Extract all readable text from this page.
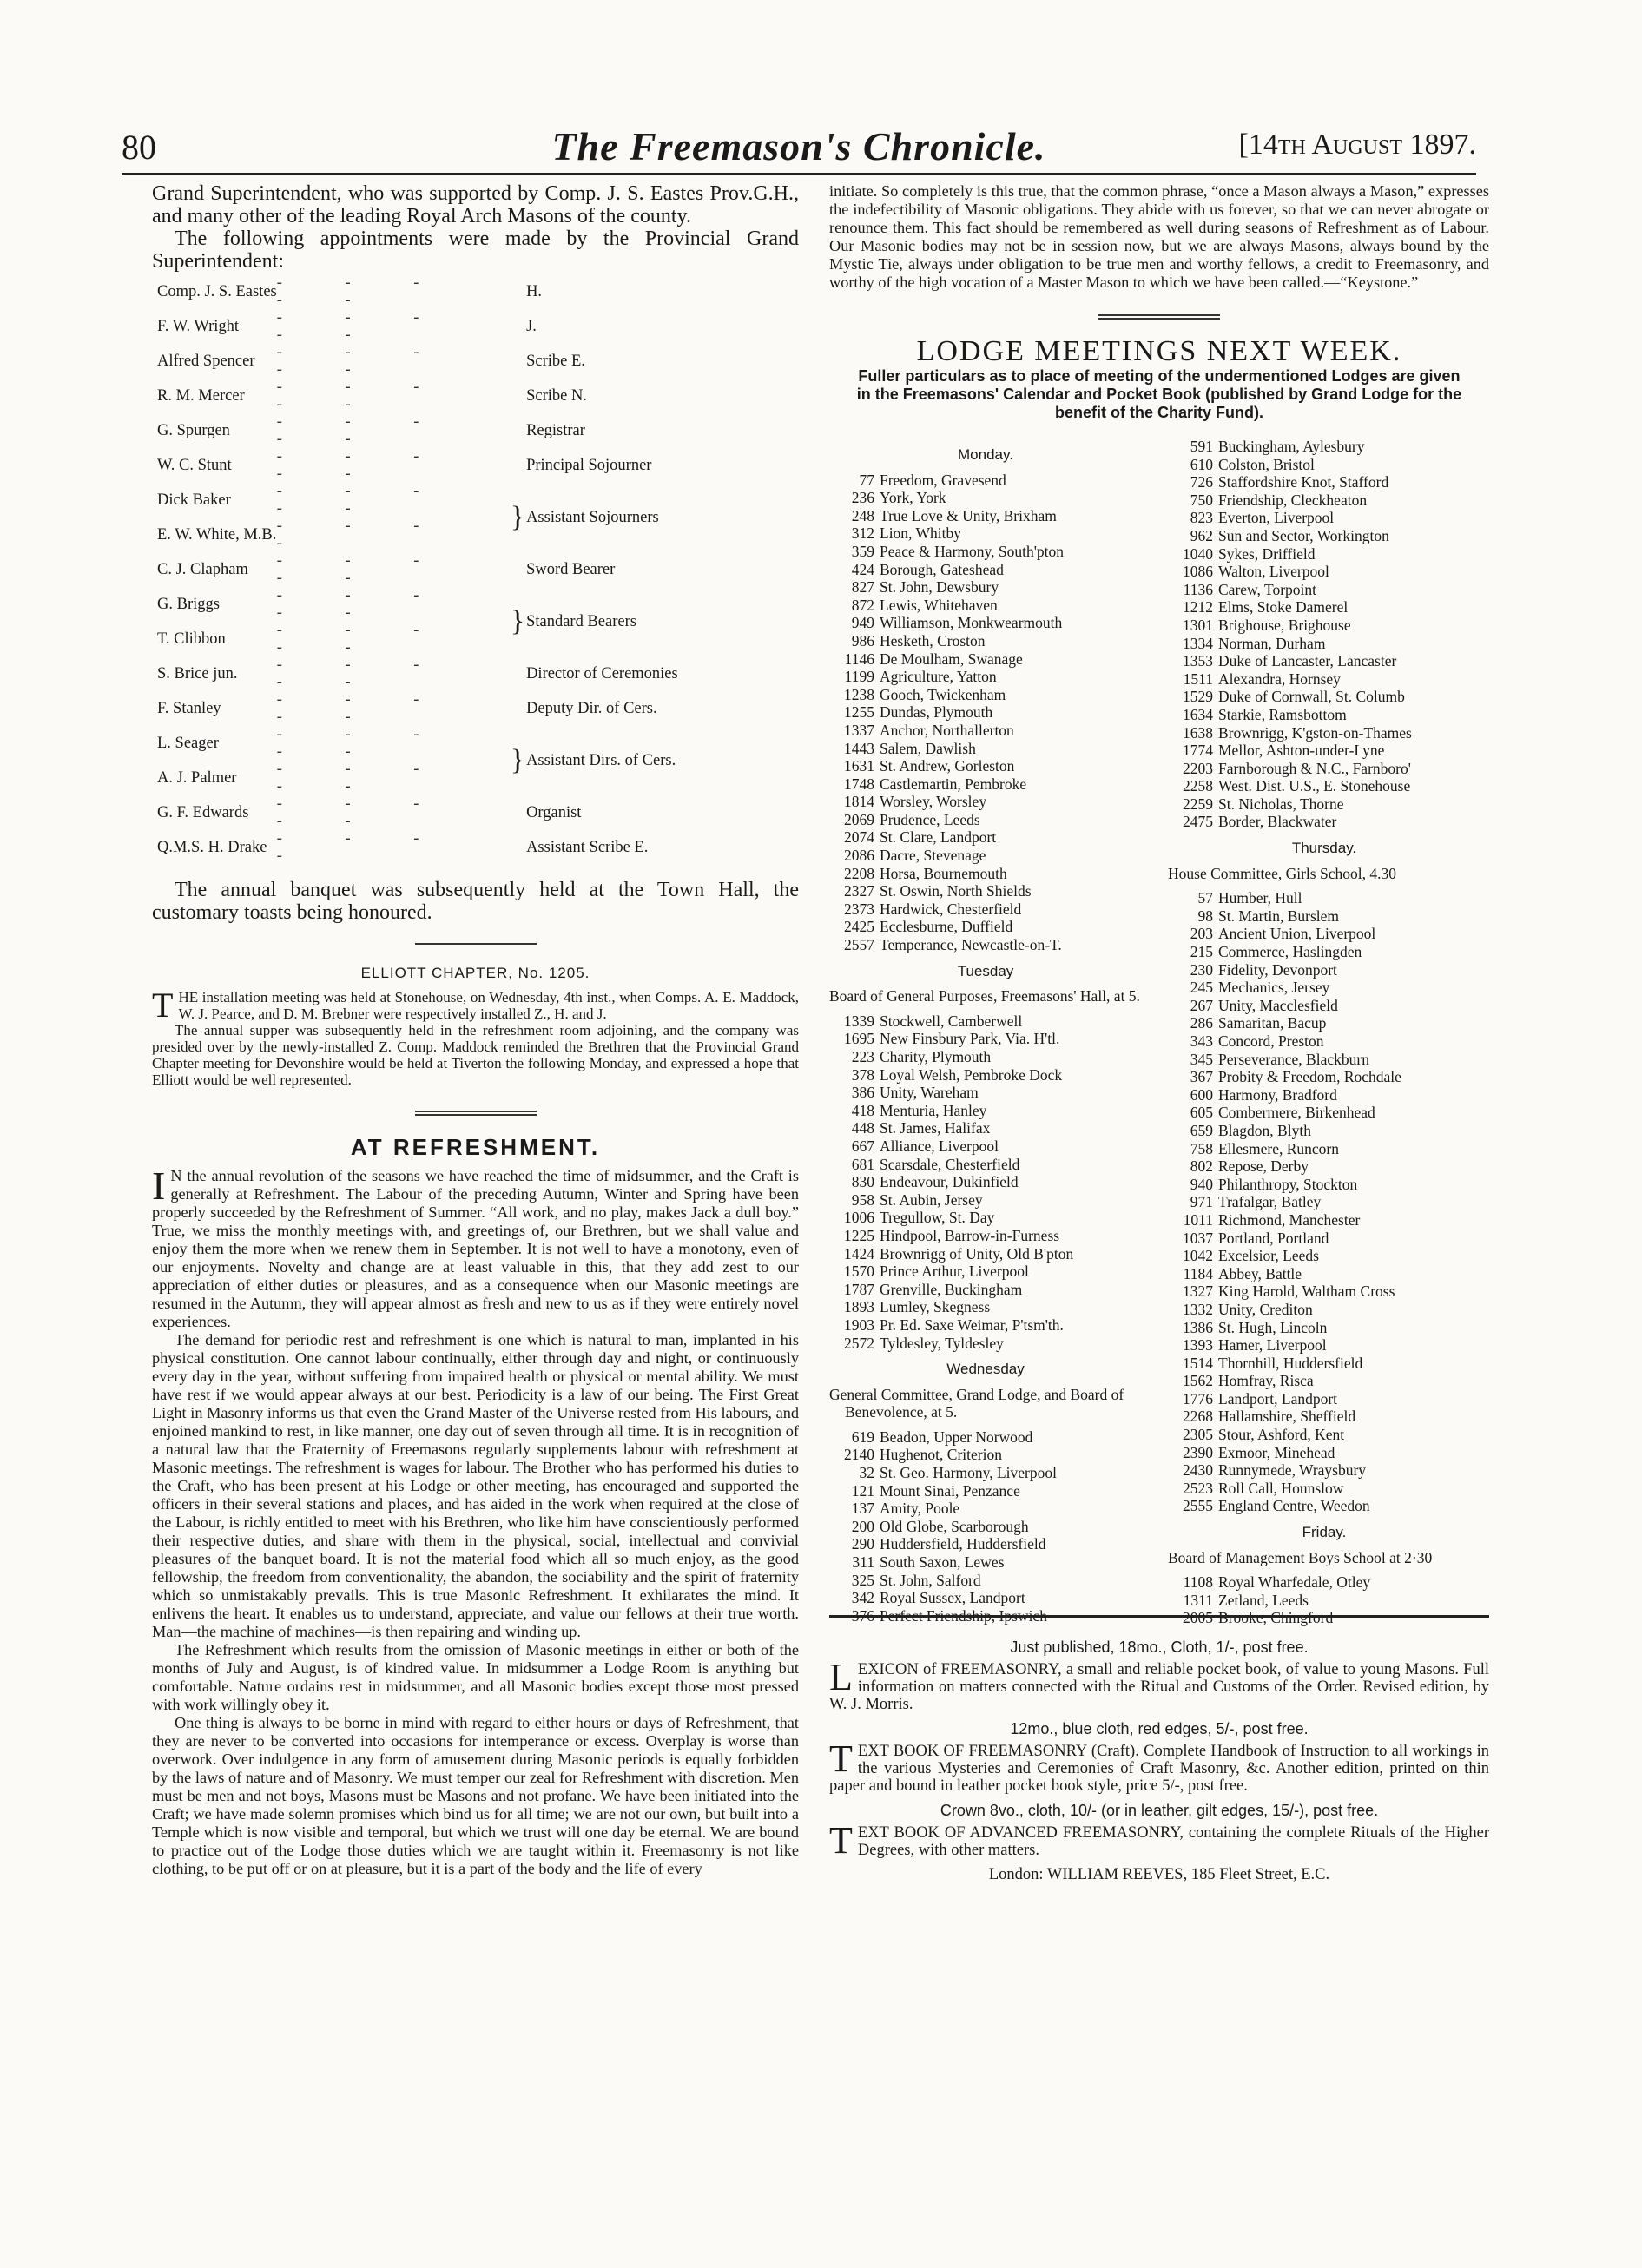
80	The Freemason's Chronicle.	[14th August 1897.

Grand Superintendent, who was supported by Comp. J. S. Eastes Prov.G.H., and many other of the leading Royal Arch Masons of the county.

The following appointments were made by the Provincial Grand Superintendent:

Comp. J. S. Eastes	- - - - -		H.
F. W. Wright	- - - - -		J.
Alfred Spencer	- - - - -		Scribe E.
R. M. Mercer	- - - - -		Scribe N.
G. Spurgen	- - - - -		Registrar
W. C. Stunt	- - - - -		Principal Sojourner
Dick Baker	- - - - -	}	Assistant Sojourners
E. W. White, M.B.	- - - -		
C. J. Clapham	- - - - -		Sword Bearer
G. Briggs	- - - - -	}	Standard Bearers
T. Clibbon	- - - - -		
S. Brice jun.	- - - - -		Director of Ceremonies
F. Stanley	- - - - -		Deputy Dir. of Cers.
L. Seager	- - - - -	}	Assistant Dirs. of Cers.
A. J. Palmer	- - - - -		
G. F. Edwards	- - - - -		Organist
Q.M.S. H. Drake	- - - -		Assistant Scribe E.

The annual banquet was subsequently held at the Town Hall, the customary toasts being honoured.

ELLIOTT CHAPTER, No. 1205.

THE installation meeting was held at Stonehouse, on Wednesday, 4th inst., when Comps. A. E. Maddock, W. J. Pearce, and D. M. Brebner were respectively installed Z., H. and J.

The annual supper was subsequently held in the refreshment room adjoining, and the company was presided over by the newly-installed Z. Comp. Maddock reminded the Brethren that the Provincial Grand Chapter meeting for Devonshire would be held at Tiverton the following Monday, and expressed a hope that Elliott would be well represented.

AT REFRESHMENT.

I N the annual revolution of the seasons we have reached the time of midsummer, and the Craft is generally at Refreshment. The Labour of the preceding Autumn, Winter and Spring have been properly succeeded by the Refreshment of Summer. “All work, and no play, makes Jack a dull boy.” True, we miss the monthly meetings with, and greetings of, our Brethren, but we shall value and enjoy them the more when we renew them in September. It is not well to have a monotony, even of our enjoyments. Novelty and change are at least valuable in this, that they add zest to our appreciation of either duties or pleasures, and as a consequence when our Masonic meetings are resumed in the Autumn, they will appear almost as fresh and new to us as if they were entirely novel experiences.

The demand for periodic rest and refreshment is one which is natural to man, implanted in his physical constitution. One cannot labour continually, either through day and night, or continuously every day in the year, without suffering from impaired health or physical or mental ability. We must have rest if we would appear always at our best. Periodicity is a law of our being. The First Great Light in Masonry informs us that even the Grand Master of the Universe rested from His labours, and enjoined mankind to rest, in like manner, one day out of seven through all time. It is in recognition of a natural law that the Fraternity of Freemasons regularly supplements labour with refreshment at Masonic meetings. The refreshment is wages for labour. The Brother who has performed his duties to the Craft, who has been present at his Lodge or other meeting, has encouraged and supported the officers in their several stations and places, and has aided in the work when required at the close of the Labour, is richly entitled to meet with his Brethren, who like him have conscientiously performed their respective duties, and share with them in the physical, social, intellectual and convivial pleasures of the banquet board. It is not the material food which all so much enjoy, as the good fellowship, the freedom from conventionality, the abandon, the sociability and the spirit of fraternity which so unmistakably prevails. This is true Masonic Refreshment. It exhilarates the mind. It enlivens the heart. It enables us to understand, appreciate, and value our fellows at their true worth. Man—the machine of machines—is then repairing and winding up.

The Refreshment which results from the omission of Masonic meetings in either or both of the months of July and August, is of kindred value. In midsummer a Lodge Room is anything but comfortable. Nature ordains rest in midsummer, and all Masonic bodies except those most pressed with work willingly obey it.

One thing is always to be borne in mind with regard to either hours or days of Refreshment, that they are never to be converted into occasions for intemperance or excess. Overplay is worse than overwork. Over indulgence in any form of amusement during Masonic periods is equally forbidden by the laws of nature and of Masonry. We must temper our zeal for Refreshment with discretion. Men must be men and not boys, Masons must be Masons and not profane. We have been initiated into the Craft; we have made solemn promises which bind us for all time; we are not our own, but built into a Temple which is now visible and temporal, but which we trust will one day be eternal. We are bound to practice out of the Lodge those duties which we are taught within it. Freemasonry is not like clothing, to be put off or on at pleasure, but it is a part of the body and the life of every

initiate. So completely is this true, that the common phrase, “once a Mason always a Mason,” expresses the indefectibility of Masonic obligations. They abide with us forever, so that we can never abrogate or renounce them. This fact should be remembered as well during seasons of Refreshment as of Labour. Our Masonic bodies may not be in session now, but we are always Masons, always bound by the Mystic Tie, always under obligation to be true men and worthy fellows, a credit to Freemasonry, and worthy of the high vocation of a Master Mason to which we have been called.—“Keystone.”

LODGE MEETINGS NEXT WEEK.
Fuller particulars as to place of meeting of the undermentioned Lodges are given in the Freemasons' Calendar and Pocket Book (published by Grand Lodge for the benefit of the Charity Fund).
Monday.
77 Freedom, Gravesend
236 York, York
248 True Love & Unity, Brixham
312 Lion, Whitby
359 Peace & Harmony, South'pton
424 Borough, Gateshead
827 St. John, Dewsbury
872 Lewis, Whitehaven
949 Williamson, Monkwearmouth
986 Hesketh, Croston
1146 De Moulham, Swanage
1199 Agriculture, Yatton
1238 Gooch, Twickenham
1255 Dundas, Plymouth
1337 Anchor, Northallerton
1443 Salem, Dawlish
1631 St. Andrew, Gorleston
1748 Castlemartin, Pembroke
1814 Worsley, Worsley
2069 Prudence, Leeds
2074 St. Clare, Landport
2086 Dacre, Stevenage
2208 Horsa, Bournemouth
2327 St. Oswin, North Shields
2373 Hardwick, Chesterfield
2425 Ecclesburne, Duffield
2557 Temperance, Newcastle-on-T.
Tuesday
Board of General Purposes, Freemasons' Hall, at 5.
1339 Stockwell, Camberwell
1695 New Finsbury Park, Via. H'tl.
223 Charity, Plymouth
378 Loyal Welsh, Pembroke Dock
386 Unity, Wareham
418 Menturia, Hanley
448 St. James, Halifax
667 Alliance, Liverpool
681 Scarsdale, Chesterfield
830 Endeavour, Dukinfield
958 St. Aubin, Jersey
1006 Tregullow, St. Day
1225 Hindpool, Barrow-in-Furness
1424 Brownrigg of Unity, Old B'pton
1570 Prince Arthur, Liverpool
1787 Grenville, Buckingham
1893 Lumley, Skegness
1903 Pr. Ed. Saxe Weimar, P'tsm'th.
2572 Tyldesley, Tyldesley
Wednesday
General Committee, Grand Lodge, and Board of Benevolence, at 5.
619 Beadon, Upper Norwood
2140 Hughenot, Criterion
32 St. Geo. Harmony, Liverpool
121 Mount Sinai, Penzance
137 Amity, Poole
200 Old Globe, Scarborough
290 Huddersfield, Huddersfield
311 South Saxon, Lewes
325 St. John, Salford
342 Royal Sussex, Landport
376 Perfect Friendship, Ipswich
591 Buckingham, Aylesbury
610 Colston, Bristol
726 Staffordshire Knot, Stafford
750 Friendship, Cleckheaton
823 Everton, Liverpool
962 Sun and Sector, Workington
1040 Sykes, Driffield
1086 Walton, Liverpool
1136 Carew, Torpoint
1212 Elms, Stoke Damerel
1301 Brighouse, Brighouse
1334 Norman, Durham
1353 Duke of Lancaster, Lancaster
1511 Alexandra, Hornsey
1529 Duke of Cornwall, St. Columb
1634 Starkie, Ramsbottom
1638 Brownrigg, K'gston-on-Thames
1774 Mellor, Ashton-under-Lyne
2203 Farnborough & N.C., Farnboro'
2258 West. Dist. U.S., E. Stonehouse
2259 St. Nicholas, Thorne
2475 Border, Blackwater
Thursday.
House Committee, Girls School, 4.30
57 Humber, Hull
98 St. Martin, Burslem
203 Ancient Union, Liverpool
215 Commerce, Haslingden
230 Fidelity, Devonport
245 Mechanics, Jersey
267 Unity, Macclesfield
286 Samaritan, Bacup
343 Concord, Preston
345 Perseverance, Blackburn
367 Probity & Freedom, Rochdale
600 Harmony, Bradford
605 Combermere, Birkenhead
659 Blagdon, Blyth
758 Ellesmere, Runcorn
802 Repose, Derby
940 Philanthropy, Stockton
971 Trafalgar, Batley
1011 Richmond, Manchester
1037 Portland, Portland
1042 Excelsior, Leeds
1184 Abbey, Battle
1327 King Harold, Waltham Cross
1332 Unity, Crediton
1386 St. Hugh, Lincoln
1393 Hamer, Liverpool
1514 Thornhill, Huddersfield
1562 Homfray, Risca
1776 Landport, Landport
2268 Hallamshire, Sheffield
2305 Stour, Ashford, Kent
2390 Exmoor, Minehead
2430 Runnymede, Wraysbury
2523 Roll Call, Hounslow
2555 England Centre, Weedon
Friday.
Board of Management Boys School at 2·30
1108 Royal Wharfedale, Otley
1311 Zetland, Leeds
2005 Brooke, Chingford
Just published, 18mo., Cloth, 1/-, post free.

LEXICON of FREEMASONRY, a small and reliable pocket book, of value to young Masons. Full information on matters connected with the Ritual and Customs of the Order. Revised edition, by W. J. Morris.

12mo., blue cloth, red edges, 5/-, post free.

TEXT BOOK OF FREEMASONRY (Craft). Complete Handbook of Instruction to all workings in the various Mysteries and Ceremonies of Craft Masonry, &c. Another edition, printed on thin paper and bound in leather pocket book style, price 5/-, post free.

Crown 8vo., cloth, 10/- (or in leather, gilt edges, 15/-), post free.

TEXT BOOK OF ADVANCED FREEMASONRY, containing the complete Rituals of the Higher Degrees, with other matters.

London: WILLIAM REEVES, 185 Fleet Street, E.C.
